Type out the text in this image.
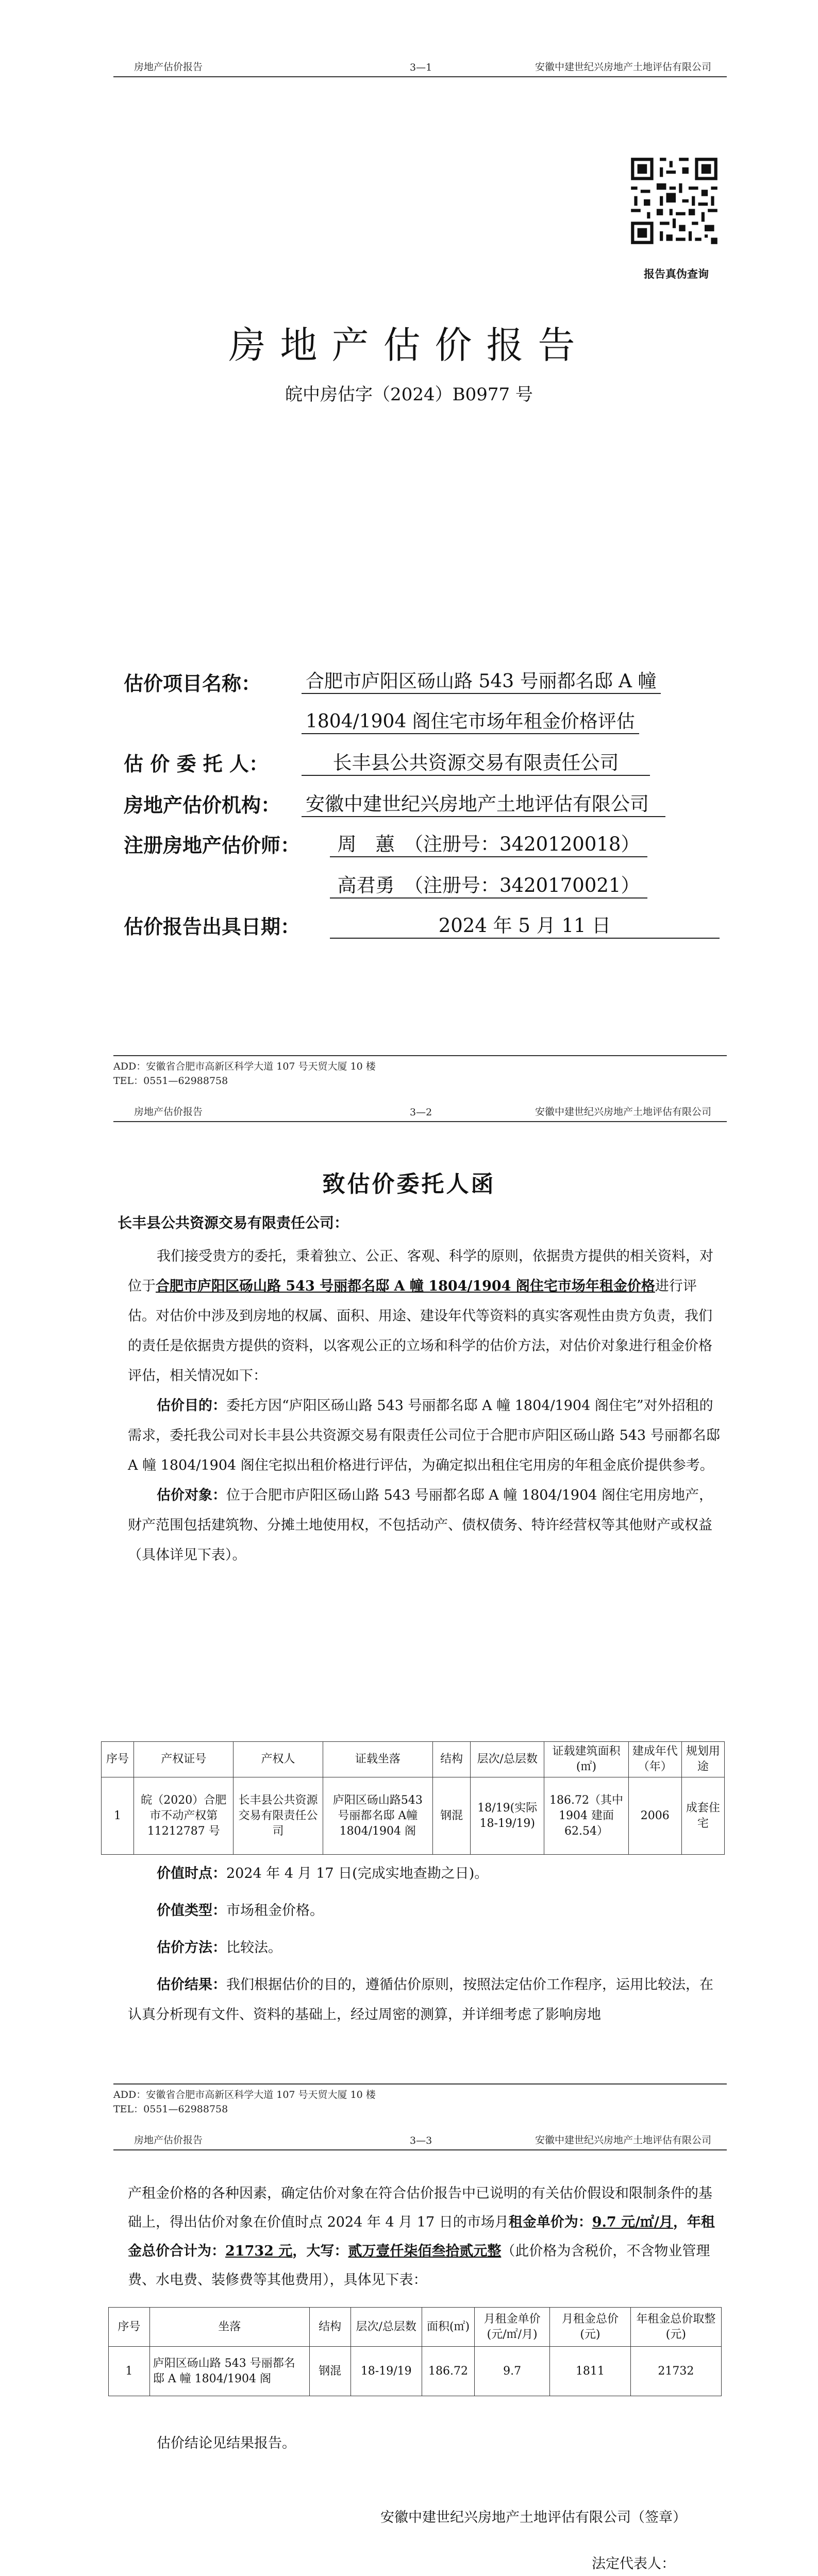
房地产估价报告	3—1	安徽中建世纪兴房地产土地评估有限公司
报告真伪查询
房地产估价报告
皖中房估字（2024）B0977 号
估价项目名称： 合肥市庐阳区砀山路 543 号丽都名邸 A 幢
1804/1904 阁住宅市场年租金价格评估
估 价 委 托 人：	长丰县公共资源交易有限责任公司
房地产估价机构： 安徽中建世纪兴房地产土地评估有限公司
注册房地产估价师：	周　蕙　（注册号：3420120018）
高君勇　（注册号：3420170021）
估价报告出具日期：	2024 年 5 月 11 日
ADD：安徽省合肥市高新区科学大道 107 号天贸大厦 10 楼
TEL：0551—62988758
房地产估价报告	3—2	安徽中建世纪兴房地产土地评估有限公司
致估价委托人函
长丰县公共资源交易有限责任公司：

我们接受贵方的委托，秉着独立、公正、客观、科学的原则，依据贵方提供的相关资料，对位于合肥市庐阳区砀山路 543 号丽都名邸 A 幢 1804/1904 阁住宅市场年租金价格进行评估。对估价中涉及到房地的权属、面积、用途、建设年代等资料的真实客观性由贵方负责，我们的责任是依据贵方提供的资料，以客观公正的立场和科学的估价方法，对估价对象进行租金价格评估，相关情况如下：

估价目的：委托方因“庐阳区砀山路 543 号丽都名邸 A 幢 1804/1904 阁住宅”对外招租的需求，委托我公司对长丰县公共资源交易有限责任公司位于合肥市庐阳区砀山路 543 号丽都名邸 A 幢 1804/1904 阁住宅拟出租价格进行评估，为确定拟出租住宅用房的年租金底价提供参考。

估价对象：位于合肥市庐阳区砀山路 543 号丽都名邸 A 幢 1804/1904 阁住宅用房地产，财产范围包括建筑物、分摊土地使用权，不包括动产、债权债务、特许经营权等其他财产或权益（具体详见下表）。

序号	产权证号	产权人	证载坐落	结构	层次/总层数	证载建筑面积(㎡)	建成年代（年）	规划用途
1	皖（2020）合肥市不动产权第11212787 号	长丰县公共资源交易有限责任公司	庐阳区砀山路543 号丽都名邸 A幢 1804/1904 阁	钢混	18/19(实际18-19/19)	186.72（其中 1904 建面 62.54）	2006	成套住宅

价值时点：2024 年 4 月 17 日(完成实地查勘之日)。

价值类型：市场租金价格。

估价方法：比较法。

估价结果：我们根据估价的目的，遵循估价原则，按照法定估价工作程序，运用比较法，在认真分析现有文件、资料的基础上，经过周密的测算，并详细考虑了影响房地

ADD：安徽省合肥市高新区科学大道 107 号天贸大厦 10 楼
TEL：0551—62988758
房地产估价报告	3—3	安徽中建世纪兴房地产土地评估有限公司

产租金价格的各种因素，确定估价对象在符合估价报告中已说明的有关估价假设和限制条件的基础上，得出估价对象在价值时点 2024 年 4 月 17 日的市场月租金单价为：9.7 元/㎡/月，年租金总价合计为：21732 元，大写：贰万壹仟柒佰叁拾贰元整（此价格为含税价，不含物业管理费、水电费、装修费等其他费用），具体见下表：

序号	坐落	结构	层次/总层数	面积(㎡)	月租金单价(元/㎡/月)	月租金总价(元)	年租金总价取整(元)
1	庐阳区砀山路 543 号丽都名邸 A 幢 1804/1904 阁	钢混	18-19/19	186.72	9.7	1811	21732
估价结论见结果报告。
安徽中建世纪兴房地产土地评估有限公司（签章）
法定代表人：
